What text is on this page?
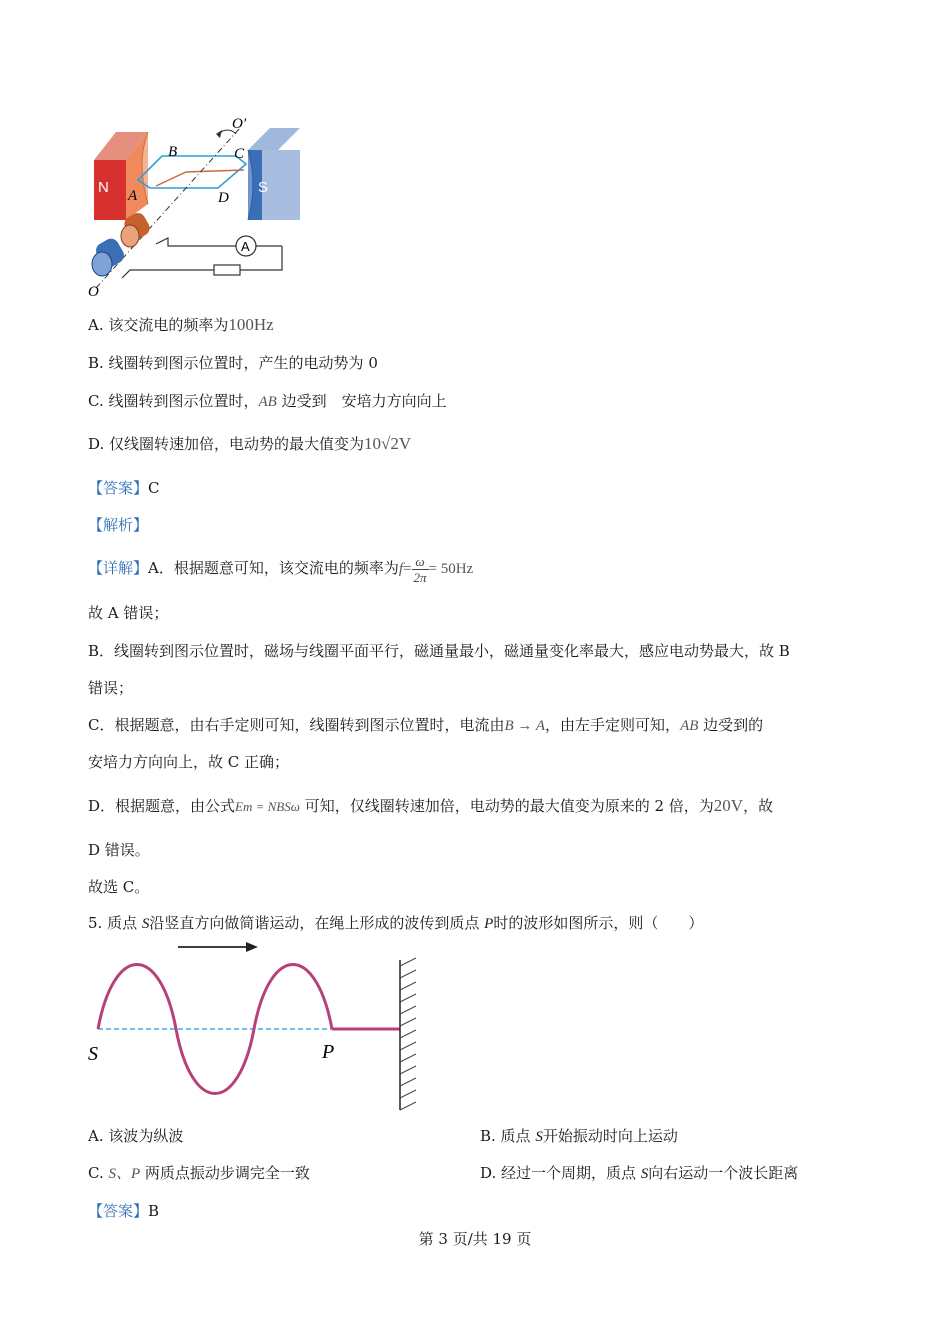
O'
B	C
N A	S
D
A
O
A. 该交流电的频率为100Hz
B. 线圈转到图示位置时，产生的电动势为 0
C. 线圈转到图示位置时，AB 边受到　安培力方向向上
D. 仅线圈转速加倍，电动势的最大值变为10√2V
【答案】C
【解析】
【详解】A．根据题意可知，该交流电的频率为$f= \frac{\omega}{2\pi} = 50Hz$
故 A 错误；
B．线圈转到图示位置时，磁场与线圈平面平行，磁通量最小，磁通量变化率最大，感应电动势最大，故 B
错误；
C．根据题意，由右手定则可知，线圈转到图示位置时，电流由B → A，由左手定则可知，AB 边受到的
安培力方向向上，故 C 正确；
D．根据题意，由公式Em = NBSω 可知，仅线圈转速加倍，电动势的最大值变为原来的 2 倍，为20V，故
D 错误。
故选 C。
5. 质点 S沿竖直方向做简谐运动，在绳上形成的波传到质点 P时的波形如图所示，则（　　）
S	P
A. 该波为纵波	B. 质点 S开始振动时向上运动
C. S、P 两质点振动步调完全一致	D. 经过一个周期，质点 S向右运动一个波长距离
【答案】B
第 3 页/共 19 页
